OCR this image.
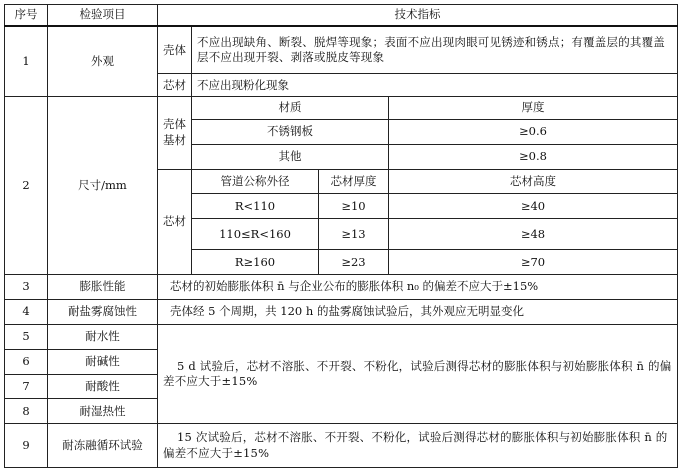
序号	检验项目	技术指标			
1	外观	壳体	不应出现缺角、断裂、脱焊等现象；表面不应出现肉眼可见锈迹和锈点；有覆盖层的其覆盖层不应出现开裂、剥落或脱皮等现象		
		芯材	不应出现粉化现象		
2	尺寸/mm	壳体基材	材质		厚度
			不锈钢板		≥0.6
			其他		≥0.8
		芯材	管道公称外径	芯材厚度	芯材高度
			R<110	≥10	≥40
			110≤R<160	≥13	≥48
			R≥160	≥23	≥70
3	膨胀性能	芯材的初始膨胀体积 n̄ 与企业公布的膨胀体积 n₀ 的偏差不应大于±15%			
4	耐盐雾腐蚀性	壳体经 5 个周期，共 120 h 的盐雾腐蚀试验后，其外观应无明显变化			
5	耐水性	5 d 试验后，芯材不溶胀、不开裂、不粉化，试验后测得芯材的膨胀体积与初始膨胀体积 n̄ 的偏差不应大于±15%			
6	耐碱性				
7	耐酸性				
8	耐湿热性				
9	耐冻融循环试验	15 次试验后，芯材不溶胀、不开裂、不粉化，试验后测得芯材的膨胀体积与初始膨胀体积 n̄ 的偏差不应大于±15%			
